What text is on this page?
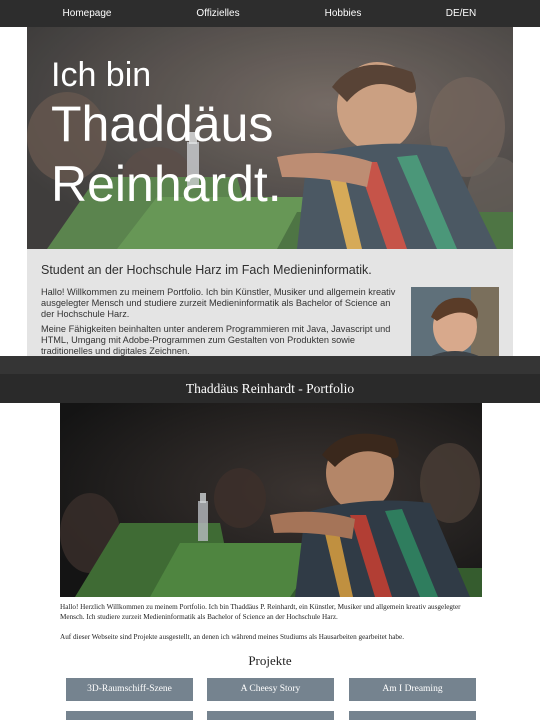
Homepage	Offizielles	Hobbies	DE/EN
Ich bin
Thaddäus
Reinhardt.
Student an der Hochschule Harz im Fach Medieninformatik.

Hallo! Willkommen zu meinem Portfolio. Ich bin Künstler, Musiker und allgemein kreativ ausgelegter Mensch und studiere zurzeit Medieninformatik als Bachelor of Science an der Hochschule Harz.

Meine Fähigkeiten beinhalten unter anderem Programmieren mit Java, Javascript und HTML, Umgang mit Adobe-Programmen zum Gestalten von Produkten sowie traditionelles und digitales Zeichnen.

Thaddäus Reinhardt - Portfolio

Hallo! Herzlich Willkommen zu meinem Portfolio. Ich bin Thaddäus P. Reinhardt, ein Künstler, Musiker und allgemein kreativ ausgelegter Mensch. Ich studiere zurzeit Medieninformatik als Bachelor of Science an der Hochschule Harz.

Auf dieser Webseite sind Projekte ausgestellt, an denen ich während meines Studiums als Hausarbeiten gearbeitet habe.

Projekte
3D-Raumschiff-Szene	A Cheesy Story	Am I Dreaming
